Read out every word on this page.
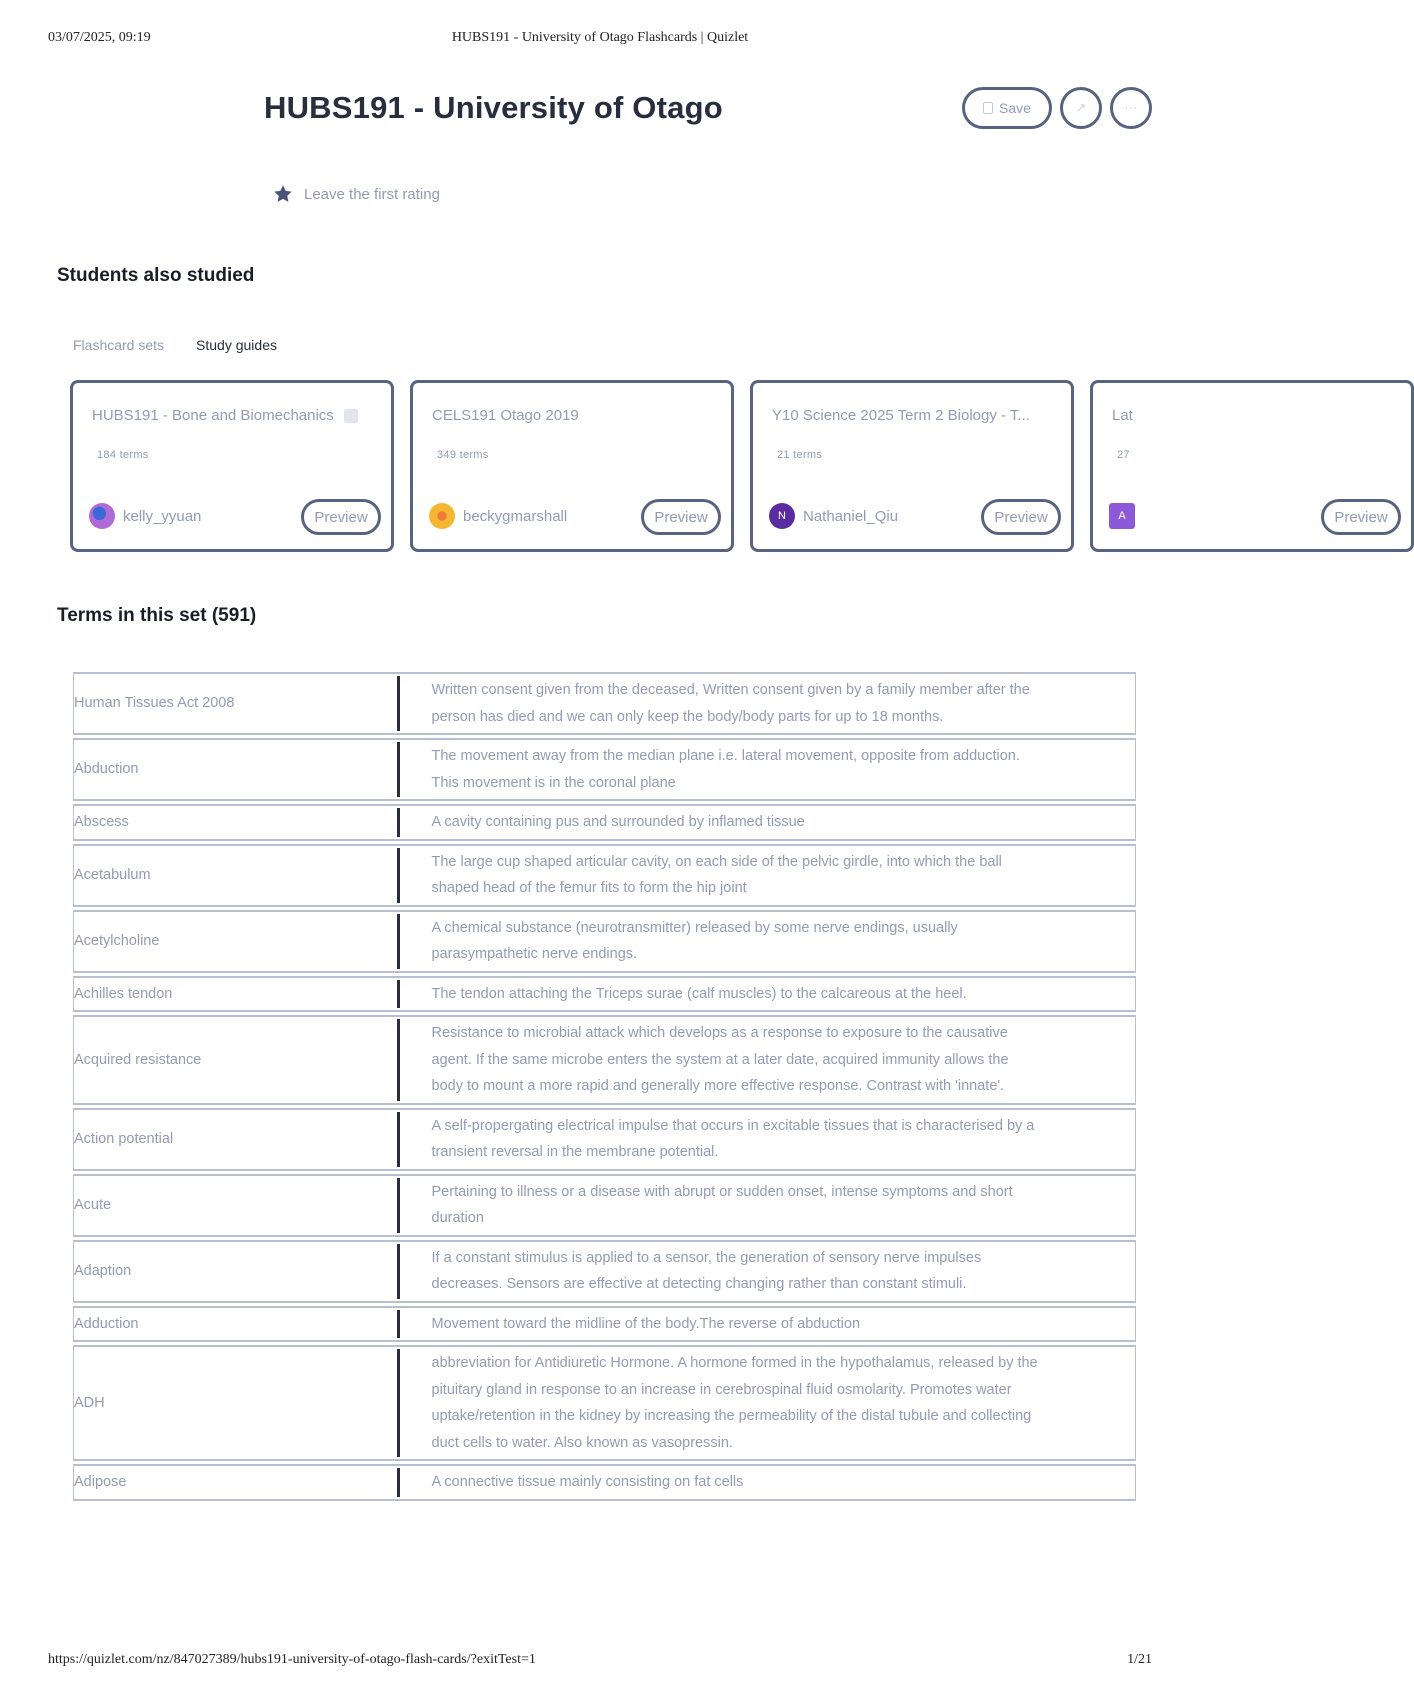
03/07/2025, 09:19	HUBS191 - University of Otago Flashcards | Quizlet
HUBS191 - University of Otago	Save	↗	⋯
Leave the first rating
Students also studied
Flashcard sets Study guides
HUBS191 - Bone and Biomechanics
184 terms
kelly_yyuan	Preview
CELS191 Otago 2019
349 terms
beckygmarshall	Preview
Y10 Science 2025 Term 2 Biology - T...
21 terms
N	Nathaniel_Qiu	Preview
Lat
27
A	Preview
Terms in this set (591)
Human Tissues Act 2008	Written consent given from the deceased, Written consent given by a family member after the person has died and we can only keep the body/body parts for up to 18 months.

Abduction	The movement away from the median plane i.e. lateral movement, opposite from adduction. This movement is in the coronal plane

Abscess	A cavity containing pus and surrounded by inflamed tissue

Acetabulum	The large cup shaped articular cavity, on each side of the pelvic girdle, into which the ball shaped head of the femur fits to form the hip joint

Acetylcholine	A chemical substance (neurotransmitter) released by some nerve endings, usually parasympathetic nerve endings.

Achilles tendon	The tendon attaching the Triceps surae (calf muscles) to the calcareous at the heel.

Acquired resistance	Resistance to microbial attack which develops as a response to exposure to the causative agent. If the same microbe enters the system at a later date, acquired immunity allows the body to mount a more rapid and generally more effective response. Contrast with 'innate'.

Action potential	A self-propergating electrical impulse that occurs in excitable tissues that is characterised by a transient reversal in the membrane potential.

Acute	Pertaining to illness or a disease with abrupt or sudden onset, intense symptoms and short duration

Adaption	If a constant stimulus is applied to a sensor, the generation of sensory nerve impulses decreases. Sensors are effective at detecting changing rather than constant stimuli.

Adduction	Movement toward the midline of the body.The reverse of abduction

ADH	abbreviation for Antidiuretic Hormone. A hormone formed in the hypothalamus, released by the pituitary gland in response to an increase in cerebrospinal fluid osmolarity. Promotes water uptake/retention in the kidney by increasing the permeability of the distal tubule and collecting duct cells to water. Also known as vasopressin.

Adipose	A connective tissue mainly consisting on fat cells
https://quizlet.com/nz/847027389/hubs191-university-of-otago-flash-cards/?exitTest=1	1/21
